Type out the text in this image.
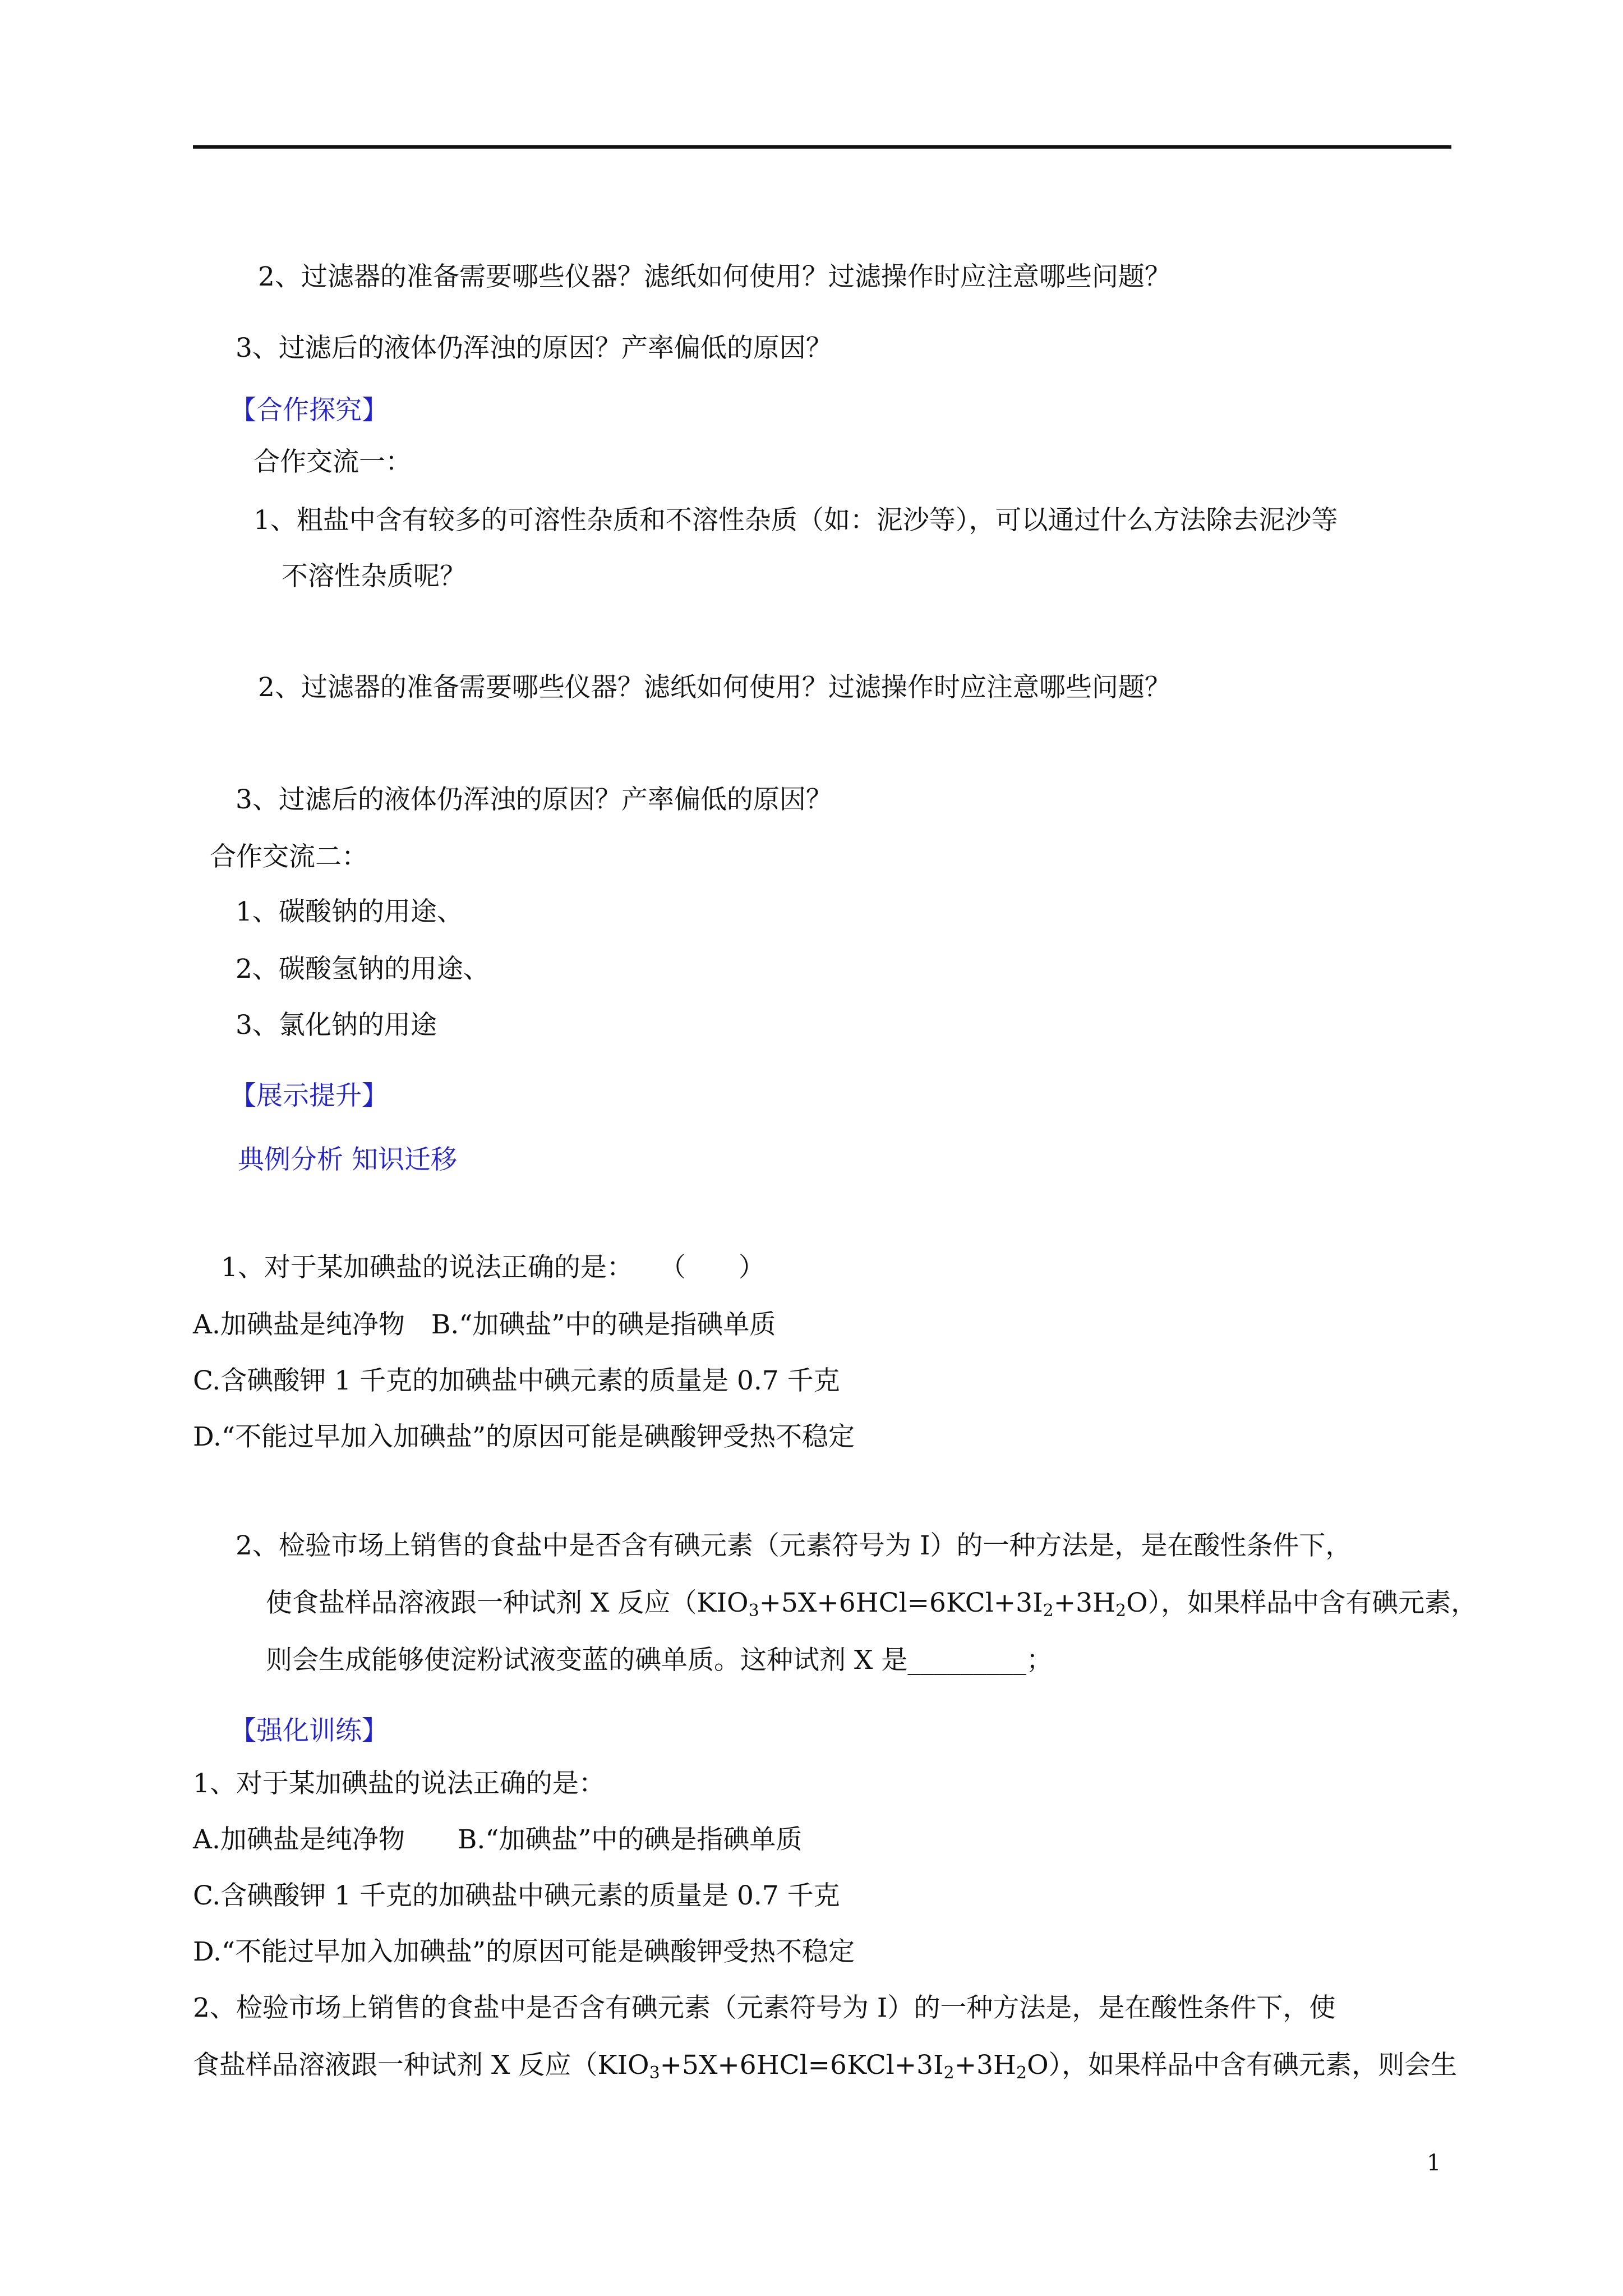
2、过滤器的准备需要哪些仪器？滤纸如何使用？过滤操作时应注意哪些问题？
3、过滤后的液体仍浑浊的原因？产率偏低的原因？
【合作探究】
合作交流一：
1、粗盐中含有较多的可溶性杂质和不溶性杂质（如：泥沙等），可以通过什么方法除去泥沙等
不溶性杂质呢？
2、过滤器的准备需要哪些仪器？滤纸如何使用？过滤操作时应注意哪些问题？
3、过滤后的液体仍浑浊的原因？产率偏低的原因？
合作交流二：
1、碳酸钠的用途、
2、碳酸氢钠的用途、
3、氯化钠的用途
【展示提升】
典例分析 知识迁移
1、对于某加碘盐的说法正确的是：　　（　　）
A.加碘盐是纯净物　B.“加碘盐”中的碘是指碘单质
C.含碘酸钾 1 千克的加碘盐中碘元素的质量是 0.7 千克
D.“不能过早加入加碘盐”的原因可能是碘酸钾受热不稳定
2、检验市场上销售的食盐中是否含有碘元素（元素符号为 I）的一种方法是，是在酸性条件下，
使食盐样品溶液跟一种试剂 X 反应$(KIO_3+5X+6HCl=6KCl+3I_2+3H_2O)$，如果样品中含有碘元素，
则会生成能够使淀粉试液变蓝的碘单质。这种试剂 X 是_________；
【强化训练】
1、对于某加碘盐的说法正确的是：
A.加碘盐是纯净物　　B.“加碘盐”中的碘是指碘单质
C.含碘酸钾 1 千克的加碘盐中碘元素的质量是 0.7 千克
D.“不能过早加入加碘盐”的原因可能是碘酸钾受热不稳定
2、检验市场上销售的食盐中是否含有碘元素（元素符号为 I）的一种方法是，是在酸性条件下，使
食盐样品溶液跟一种试剂 X 反应$(KIO_3+5X+6HCl=6KCl+3I_2+3H_2O)$，如果样品中含有碘元素，则会生
1
